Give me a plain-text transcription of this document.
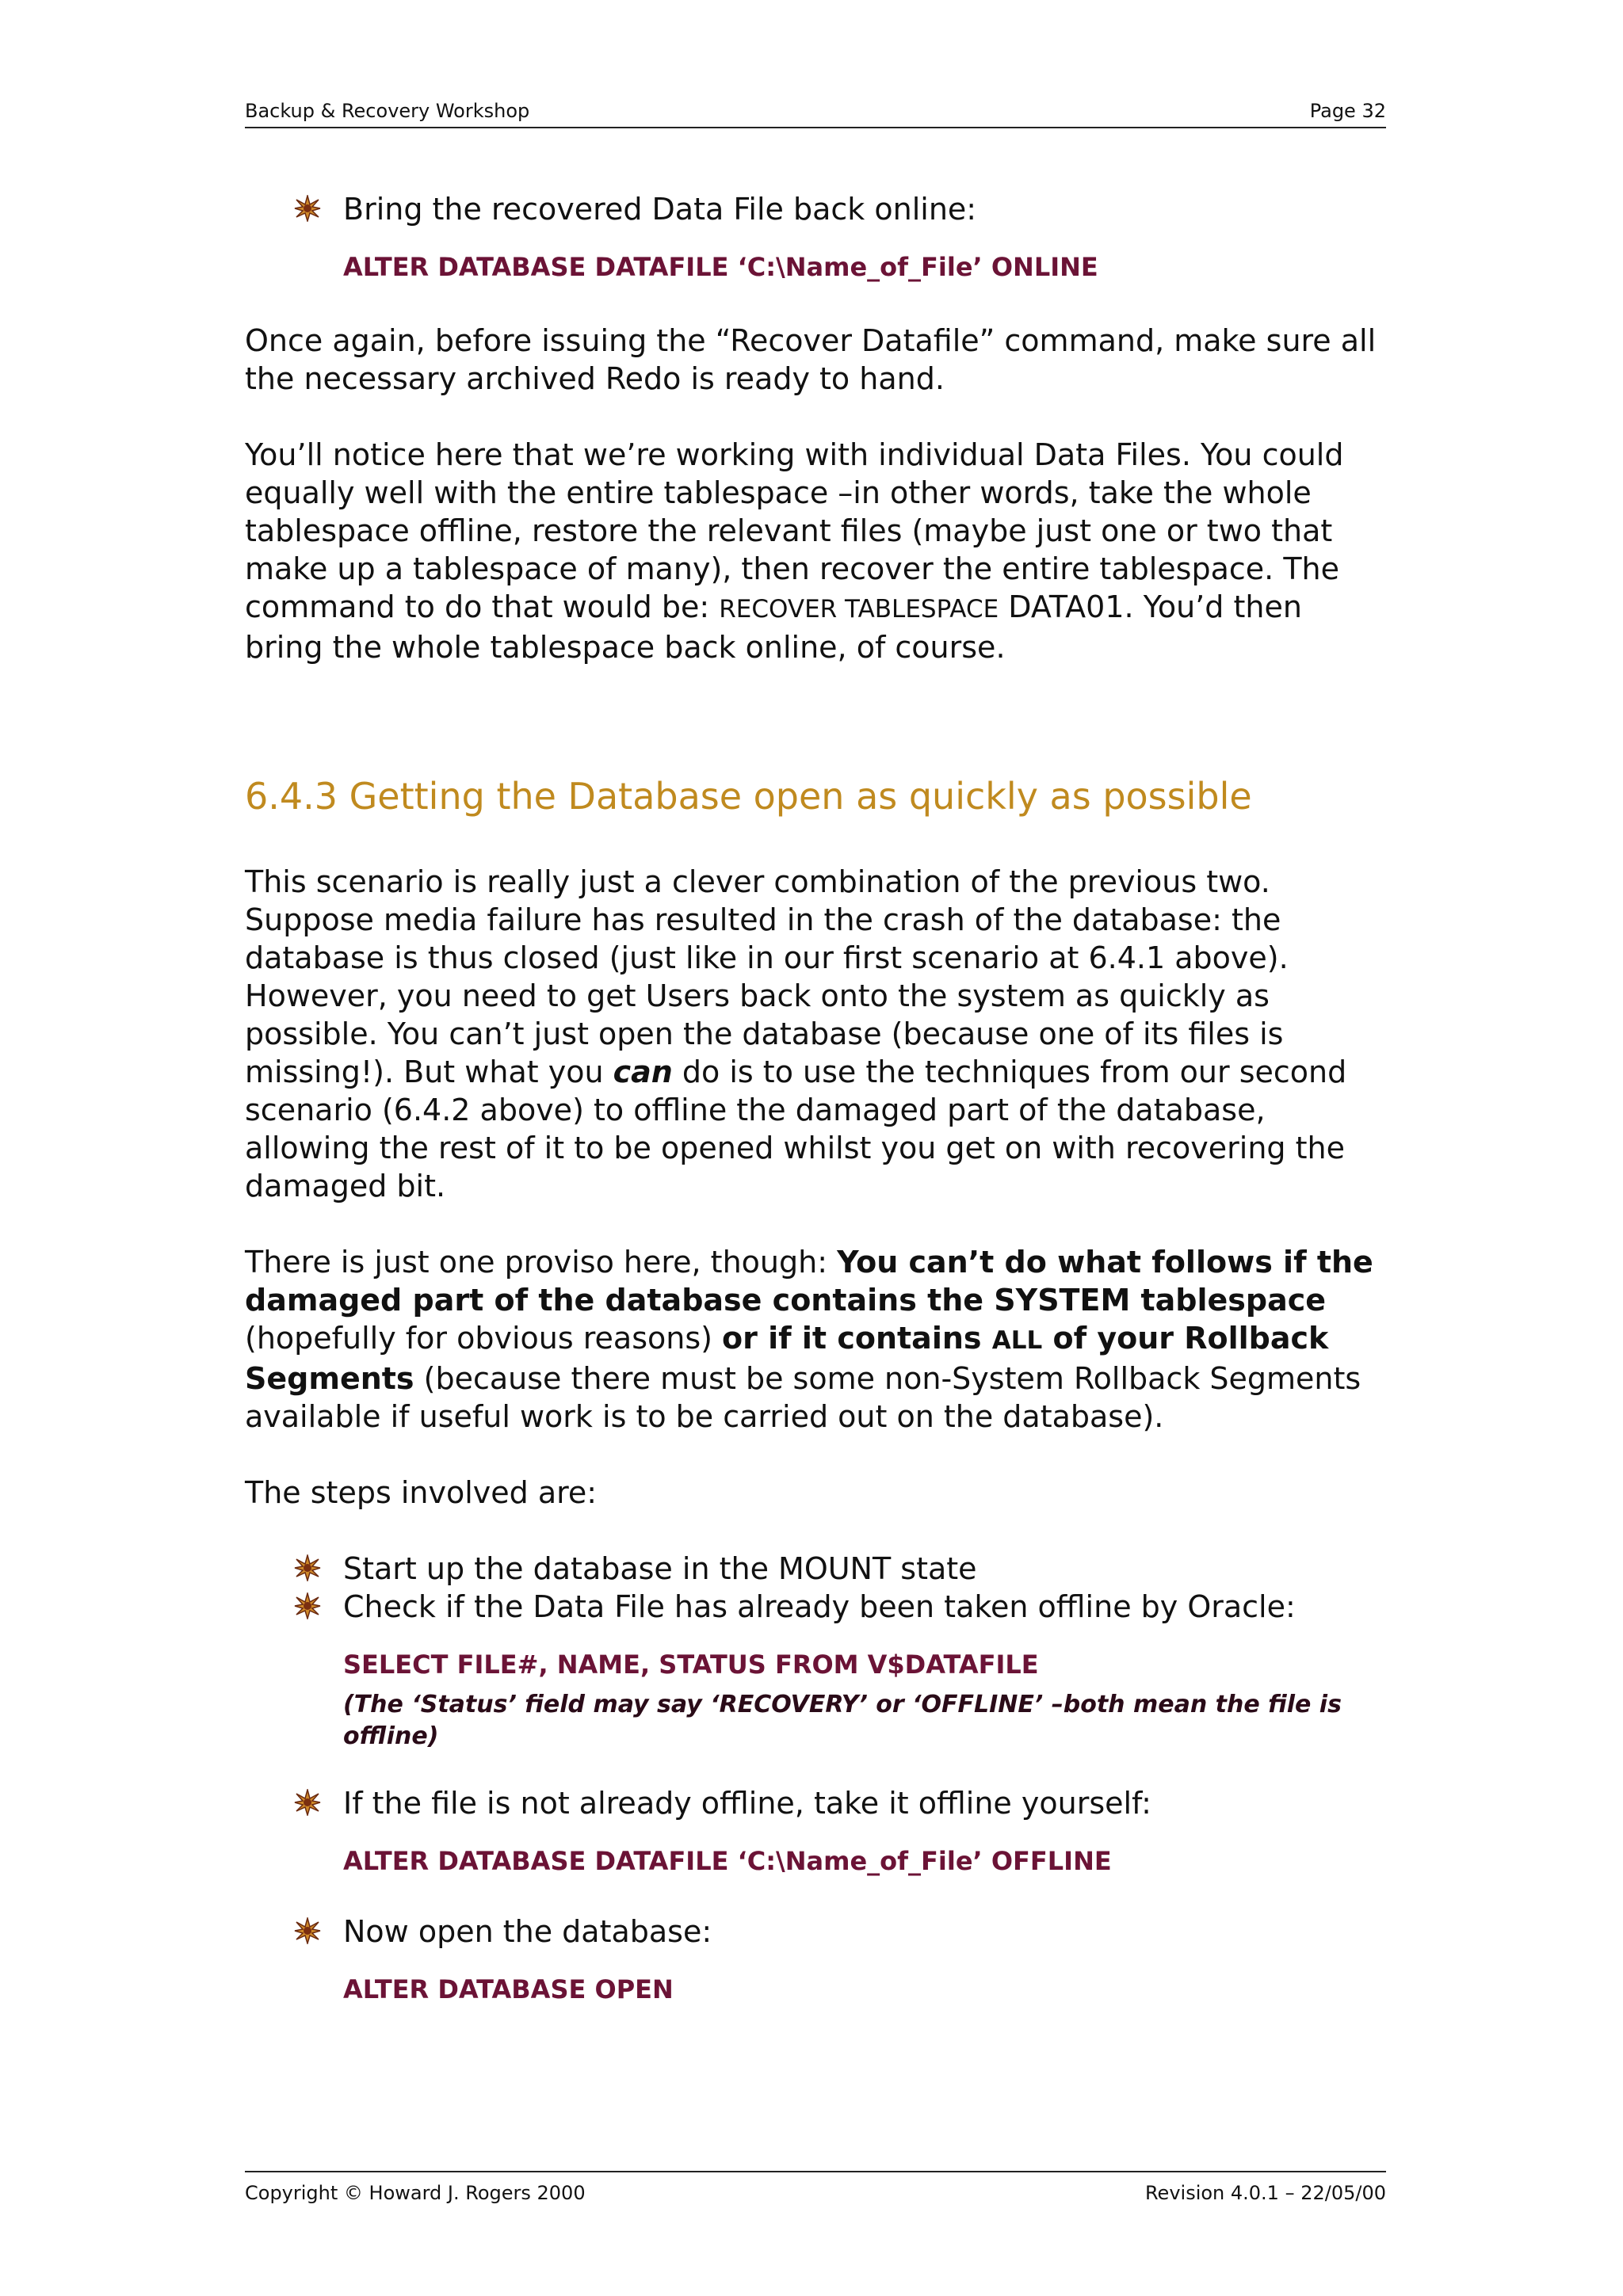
Backup & Recovery Workshop	Page 32
Bring the recovered Data File back online:
ALTER DATABASE DATAFILE ‘C:\Name_of_File’ ONLINE

Once again, before issuing the “Recover Datafile” command, make sure all the necessary archived Redo is ready to hand.

You’ll notice here that we’re working with individual Data Files. You could equally well with the entire tablespace –in other words, take the whole tablespace offline, restore the relevant files (maybe just one or two that make up a tablespace of many), then recover the entire tablespace. The command to do that would be: RECOVER TABLESPACE DATA01. You’d then bring the whole tablespace back online, of course.

6.4.3 Getting the Database open as quickly as possible

This scenario is really just a clever combination of the previous two. Suppose media failure has resulted in the crash of the database: the database is thus closed (just like in our first scenario at 6.4.1 above). However, you need to get Users back onto the system as quickly as possible. You can’t just open the database (because one of its files is missing!). But what you can do is to use the techniques from our second scenario (6.4.2 above) to offline the damaged part of the database, allowing the rest of it to be opened whilst you get on with recovering the damaged bit.

There is just one proviso here, though: You can’t do what follows if the damaged part of the database contains the SYSTEM tablespace (hopefully for obvious reasons) or if it contains ALL of your Rollback Segments (because there must be some non-System Rollback Segments available if useful work is to be carried out on the database).

The steps involved are:

Start up the database in the MOUNT state
Check if the Data File has already been taken offline by Oracle:
SELECT FILE#, NAME, STATUS FROM V$DATAFILE
(The ‘Status’ field may say ‘RECOVERY’ or ‘OFFLINE’ –both mean the file is offline)
If the file is not already offline, take it offline yourself:
ALTER DATABASE DATAFILE ‘C:\Name_of_File’ OFFLINE
Now open the database:
ALTER DATABASE OPEN
Copyright © Howard J. Rogers 2000	Revision 4.0.1 – 22/05/00
